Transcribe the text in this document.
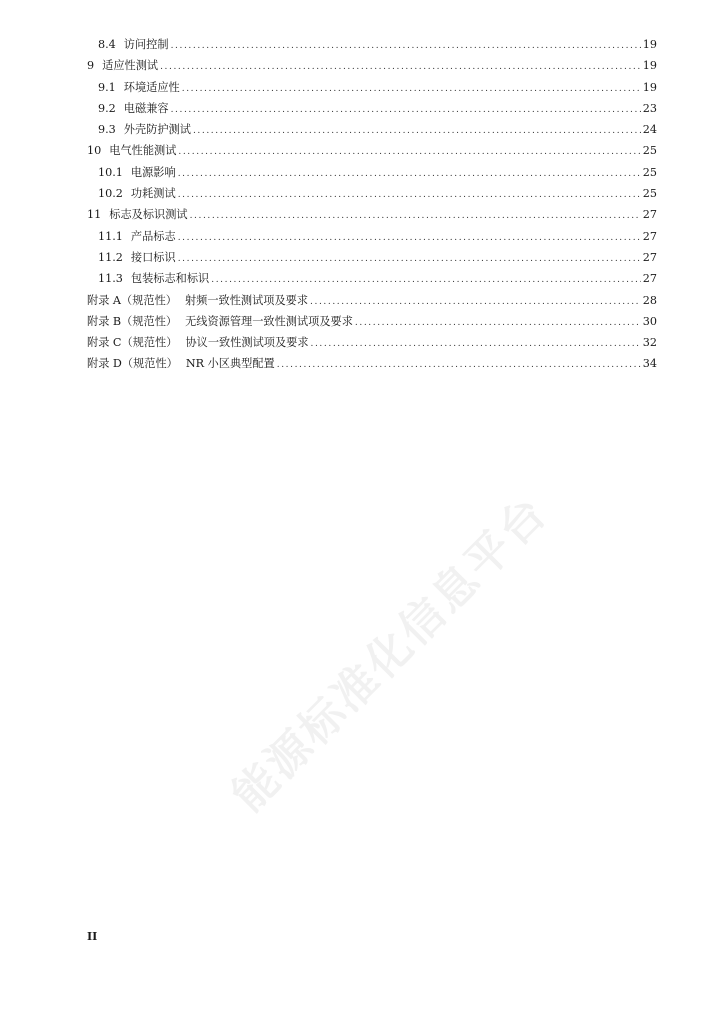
能源标准化信息平台
8.4 访问控制 .....	19
9 适应性测试 .....	19
9.1 环境适应性 .....	19
9.2 电磁兼容 .....	23
9.3 外壳防护测试 .....	24
10 电气性能测试 .....	25
10.1 电源影响 .....	25
10.2 功耗测试 .....	25
11 标志及标识测试 .....	27
11.1 产品标志 .....	27
11.2 接口标识 .....	27
11.3 包装标志和标识 .....	27
附录 A（规范性） 射频一致性测试项及要求 .....	28
附录 B（规范性） 无线资源管理一致性测试项及要求 .....	30
附录 C（规范性） 协议一致性测试项及要求 .....	32
附录 D（规范性） NR 小区典型配置 .....	34
II
